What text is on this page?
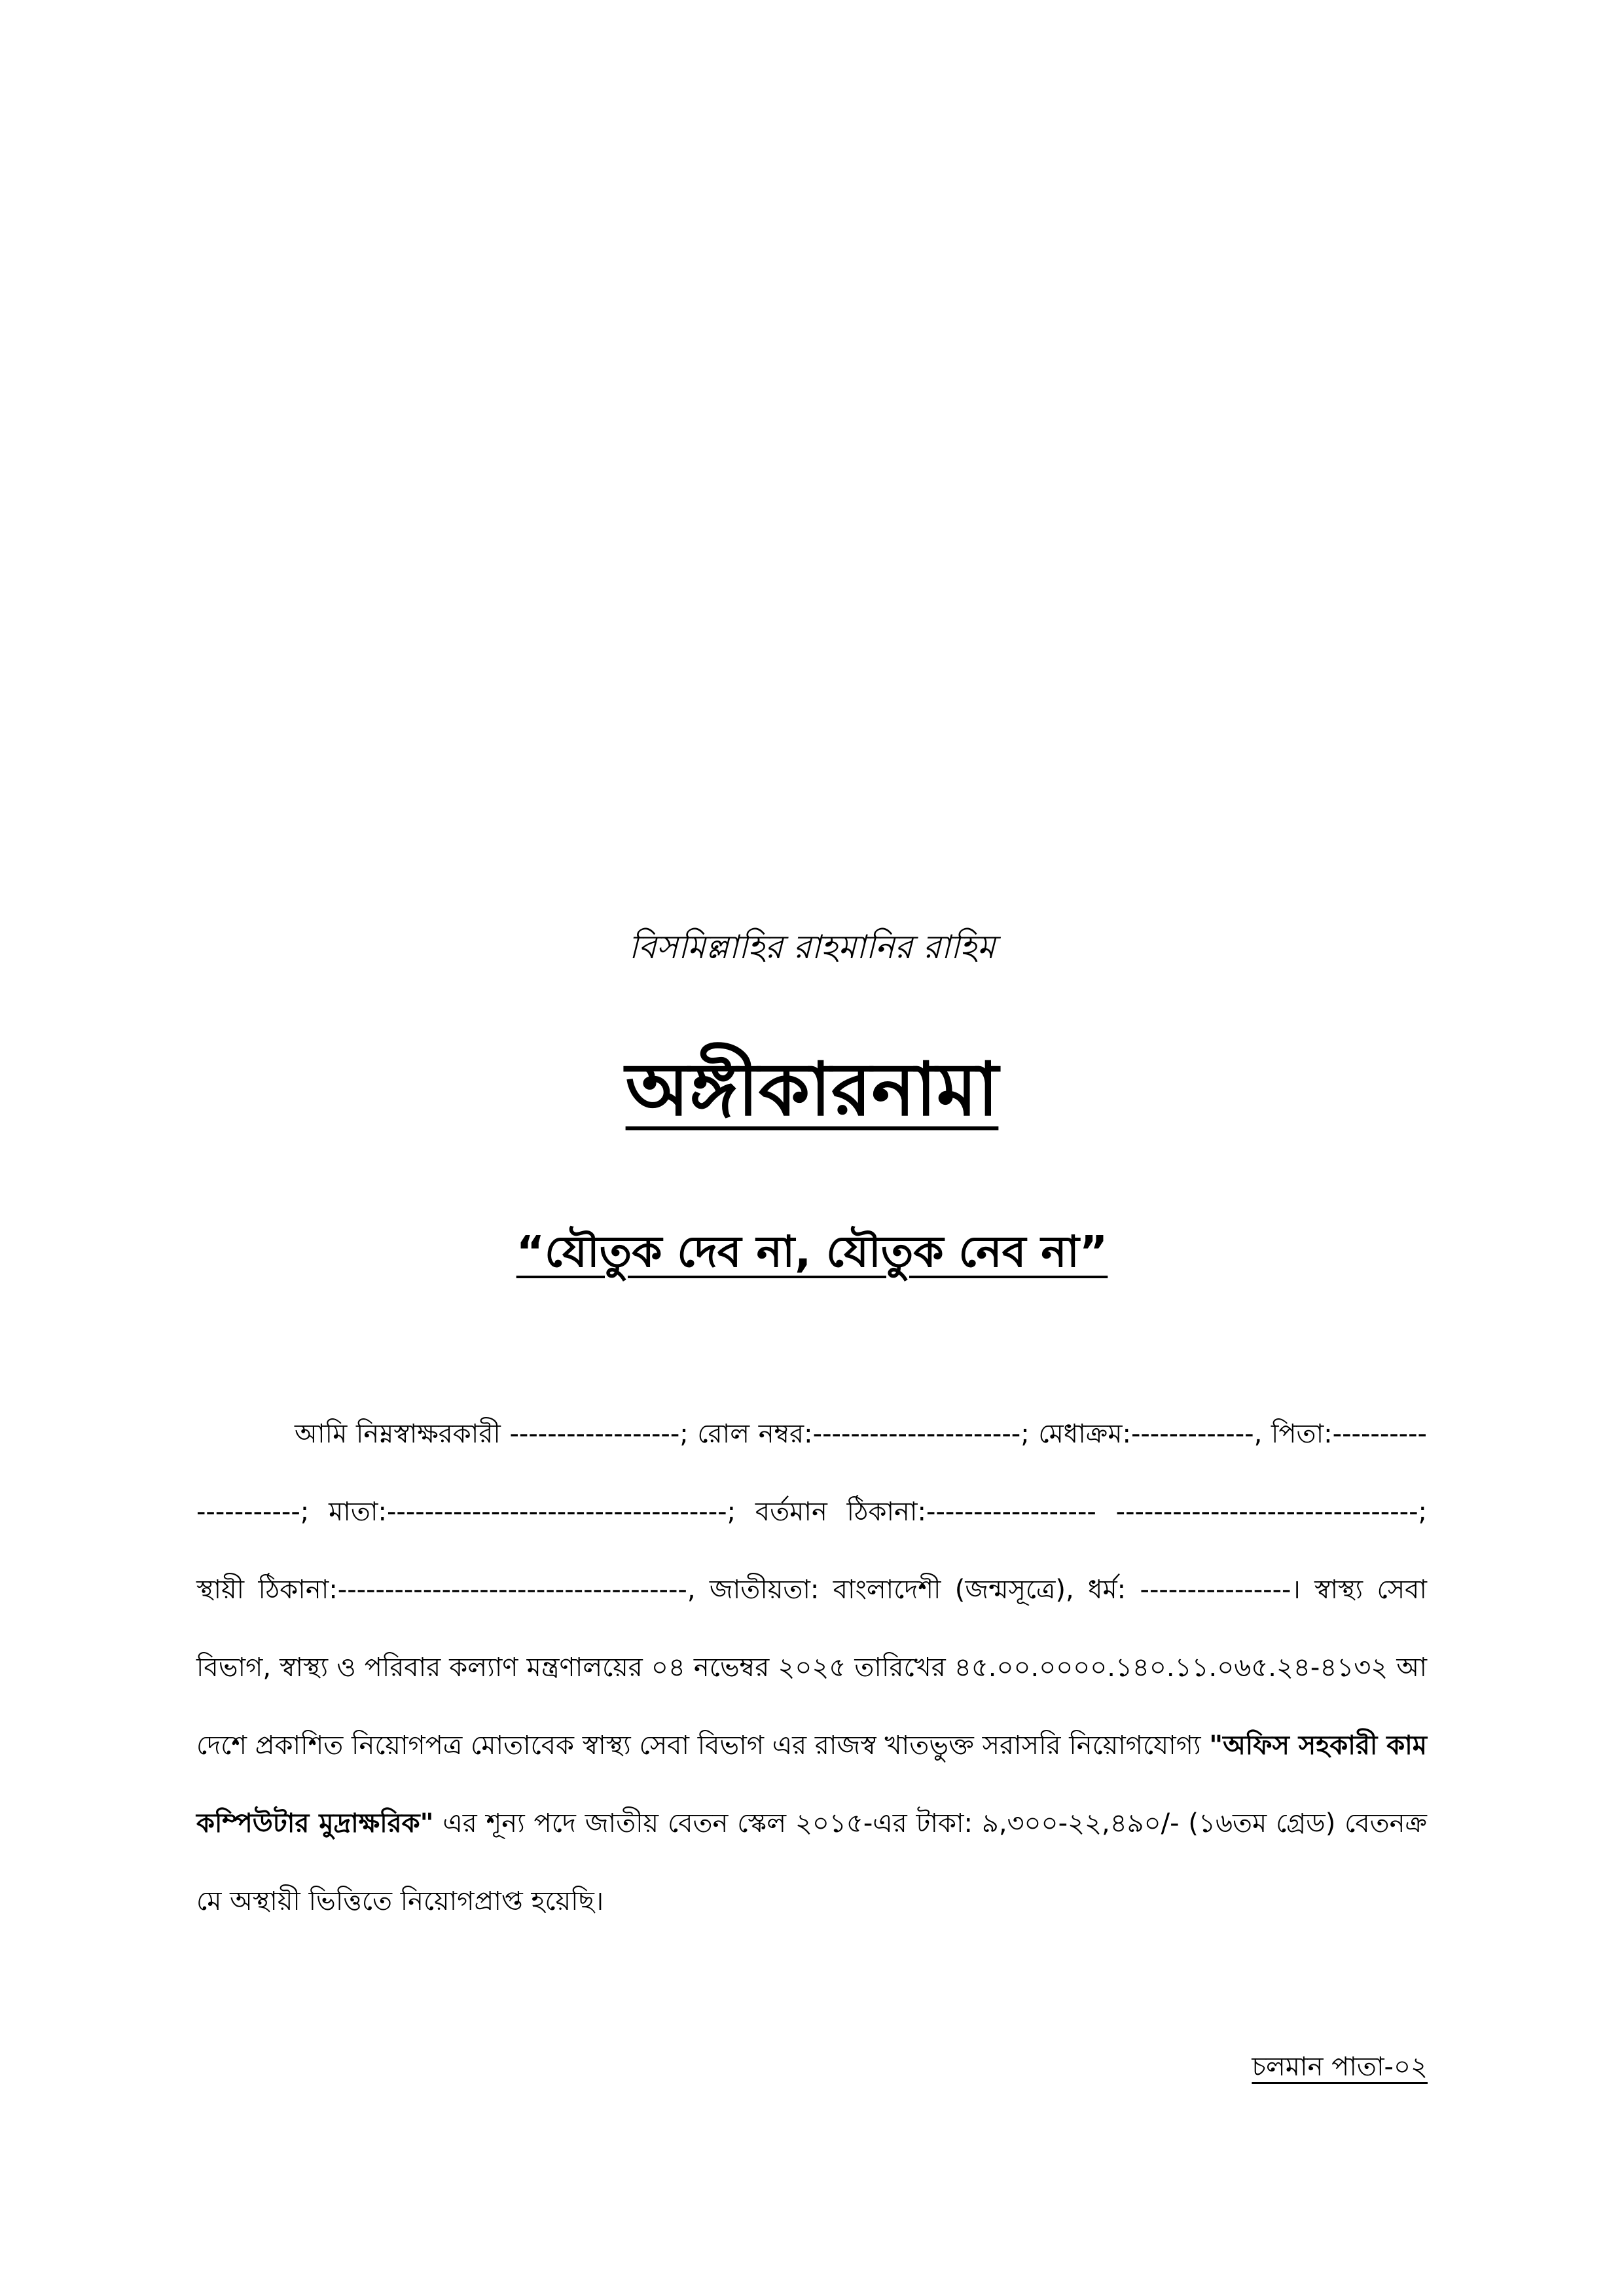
বিসমিল্লাহির রাহমানির রাহিম
অঙ্গীকারনামা
“যৌতুক দেব না, যৌতুক নেব না”

আমি নিম্নস্বাক্ষরকারী ------------------; রোল নম্বর:----------------------; মেধাক্রম:-------------, পিতা:---------------------; মাতা:------------------------------------; বর্তমান ঠিকানা:------------------ --------------------------------; স্থায়ী ঠিকানা:-------------------------------------, জাতীয়তা: বাংলাদেশী (জন্মসূত্রে), ধর্ম: ----------------। স্বাস্থ্য সেবা বিভাগ, স্বাস্থ্য ও পরিবার কল্যাণ মন্ত্রণালয়ের ০৪ নভেম্বর ২০২৫ তারিখের ৪৫.০০.০০০০.১৪০.১১.০৬৫.২৪-৪১৩২ আদেশে প্রকাশিত নিয়োগপত্র মোতাবেক স্বাস্থ্য সেবা বিভাগ এর রাজস্ব খাতভুক্ত সরাসরি নিয়োগযোগ্য "অফিস সহকারী কাম কম্পিউটার মুদ্রাক্ষরিক" এর শূন্য পদে জাতীয় বেতন স্কেল ২০১৫-এর টাকা: ৯,৩০০-২২,৪৯০/- (১৬তম গ্রেড) বেতনক্রমে অস্থায়ী ভিত্তিতে নিয়োগপ্রাপ্ত হয়েছি।

চলমান পাতা-০২
